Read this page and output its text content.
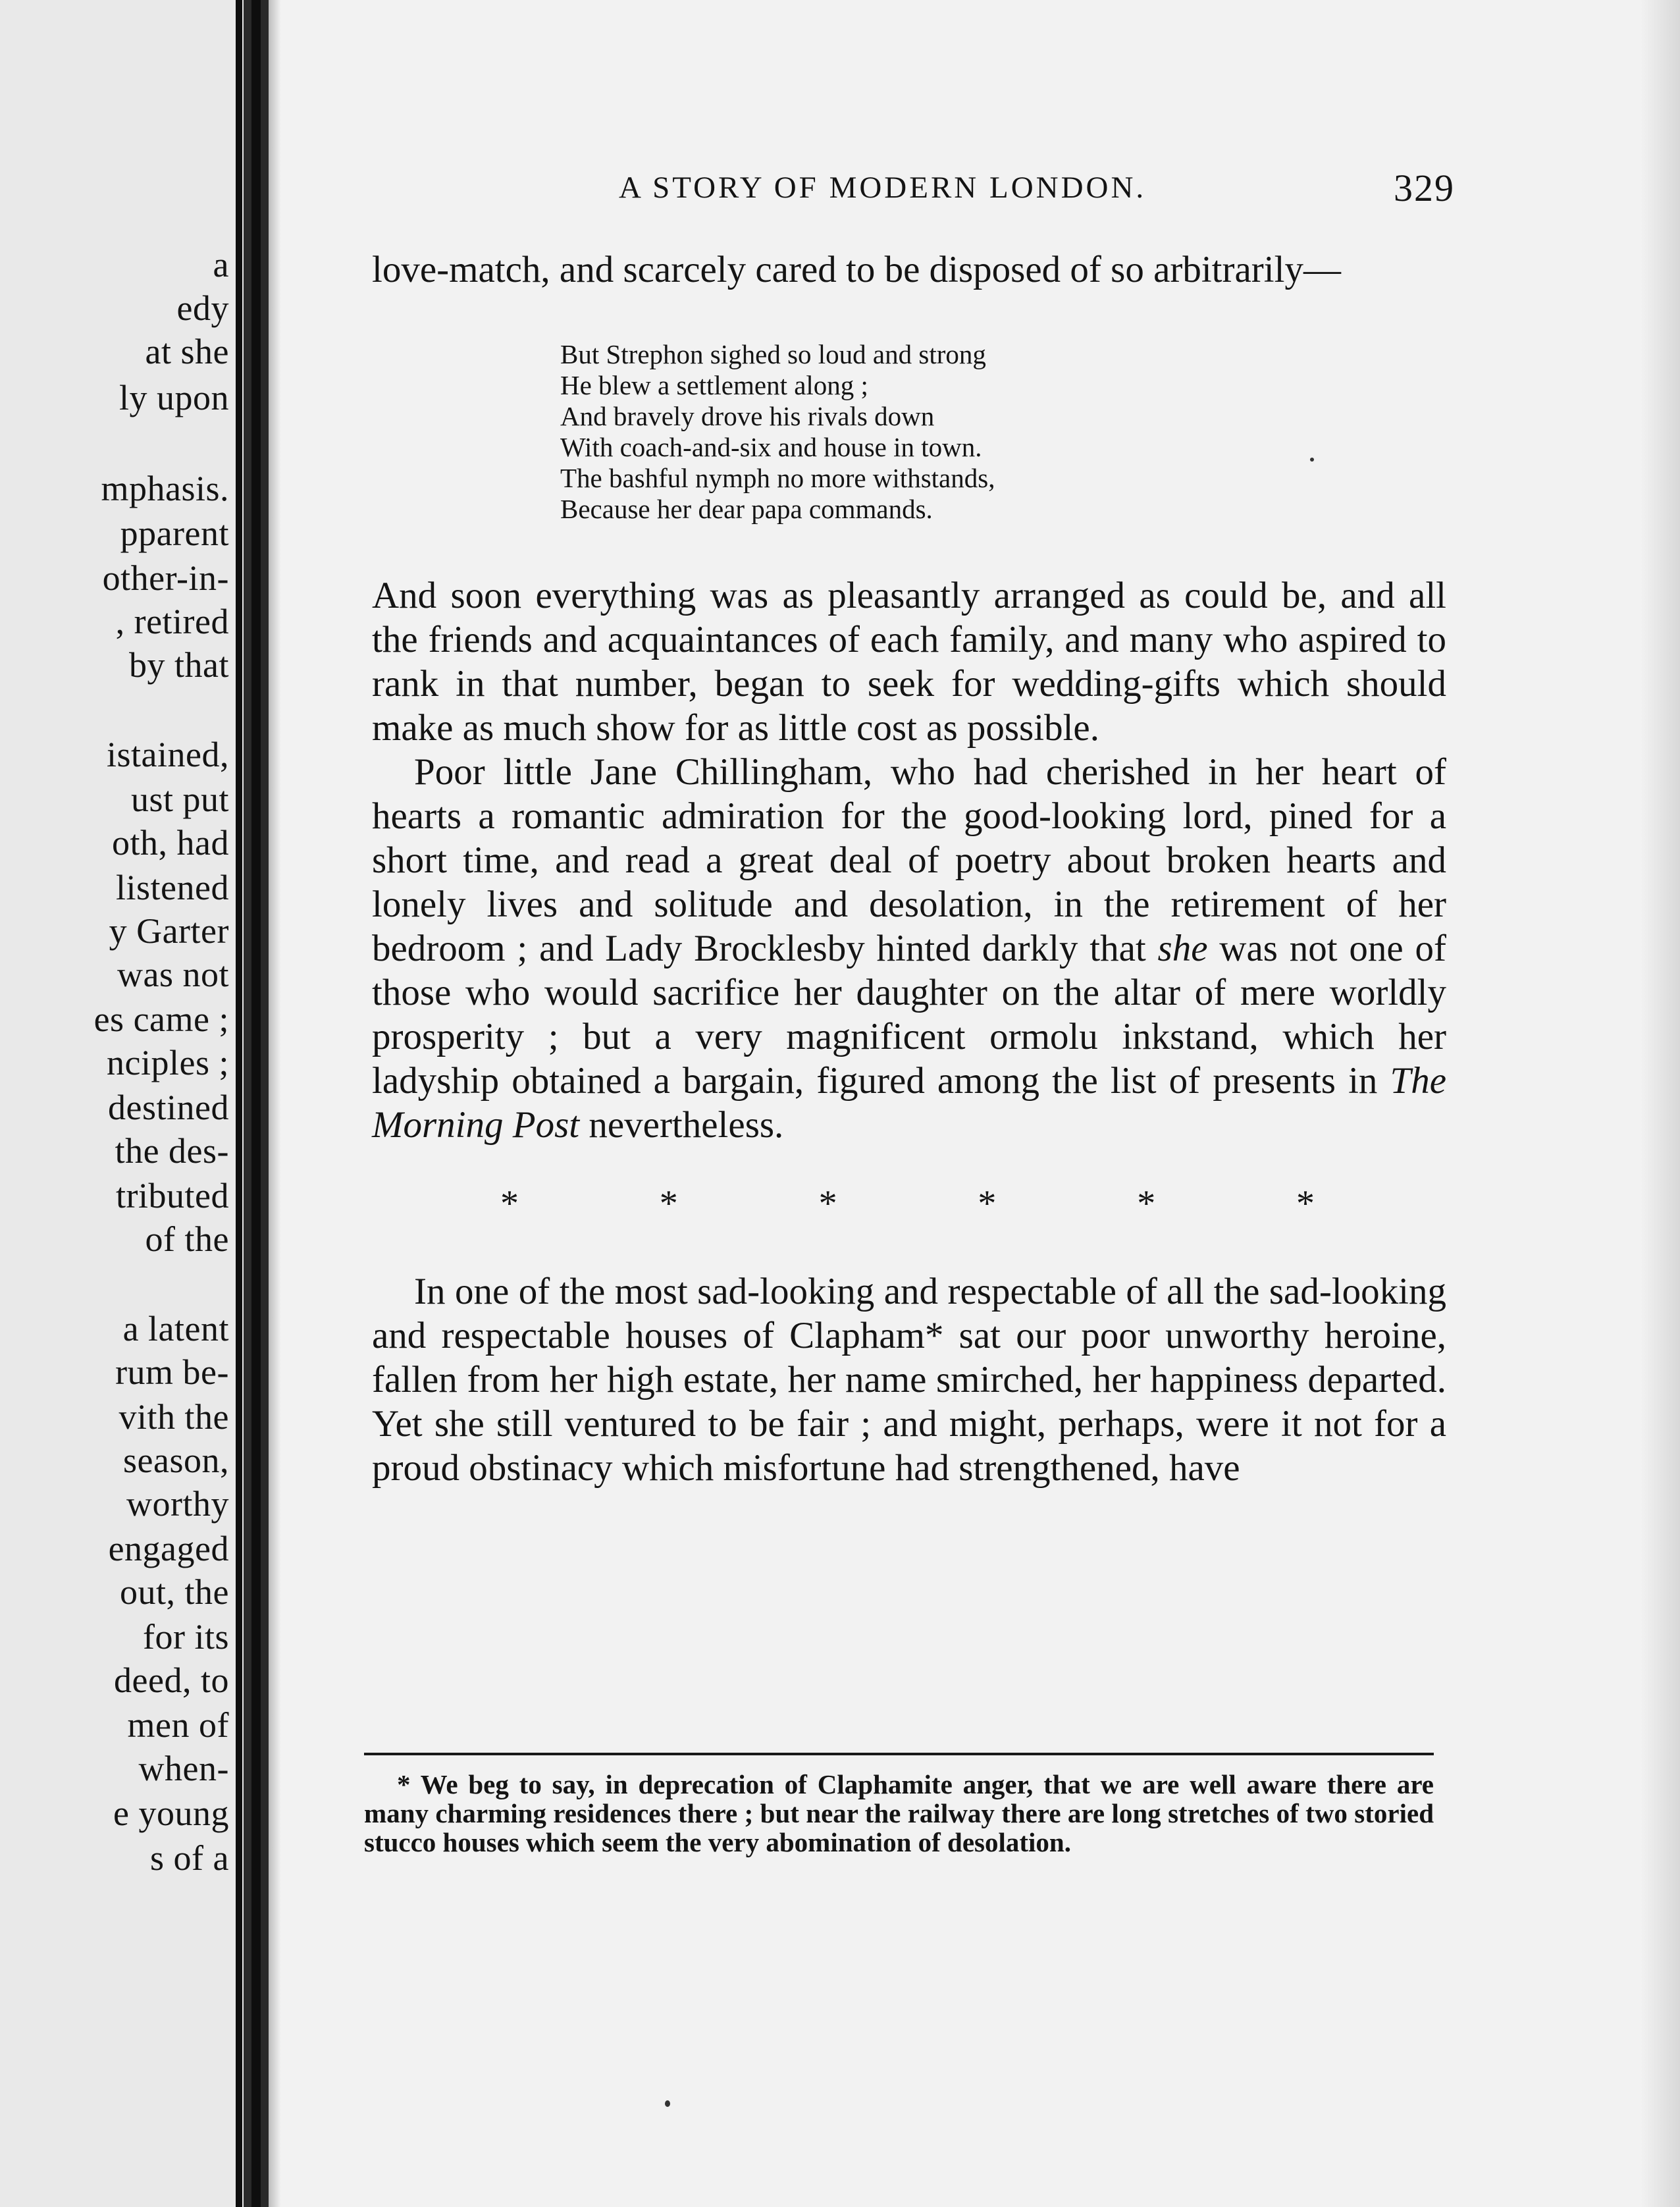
a
edy
at she
ly upon
mphasis.
pparent
other-in-
, retired
by that
istained,
ust put
oth, had
listened
y Garter
was not
es came ;
nciples ;
destined
the des-
tributed
of the
a latent
rum be-
vith the
season,
worthy
engaged
out, the
for its
deed, to
men of
when-
e young
s of a
A STORY OF MODERN LONDON.	329

love-match, and scarcely cared to be disposed of so arbitrarily—

But Strephon sighed so loud and strong
He blew a settlement along ;
And bravely drove his rivals down
With coach-and-six and house in town.
The bashful nymph no more withstands,
Because her dear papa commands.

And soon everything was as pleasantly arranged as could be, and all the friends and acquaintances of each family, and many who aspired to rank in that number, began to seek for wedding-gifts which should make as much show for as little cost as possible.

Poor little Jane Chillingham, who had cherished in her heart of hearts a romantic admiration for the good-looking lord, pined for a short time, and read a great deal of poetry about broken hearts and lonely lives and solitude and desolation, in the retirement of her bedroom ; and Lady Brocklesby hinted darkly that she was not one of those who would sacrifice her daughter on the altar of mere worldly prosperity ; but a very magnificent ormolu inkstand, which her ladyship obtained a bargain, figured among the list of presents in The Morning Post nevertheless.

*	*	*	*	*	*

In one of the most sad-looking and respectable of all the sad-looking and respectable houses of Clapham* sat our poor unworthy heroine, fallen from her high estate, her name smirched, her happiness departed. Yet she still ventured to be fair ; and might, perhaps, were it not for a proud obstinacy which misfortune had strengthened, have

* We beg to say, in deprecation of Claphamite anger, that we are well aware there are many charming residences there ; but near the railway there are long stretches of two storied stucco houses which seem the very abomination of desolation.
